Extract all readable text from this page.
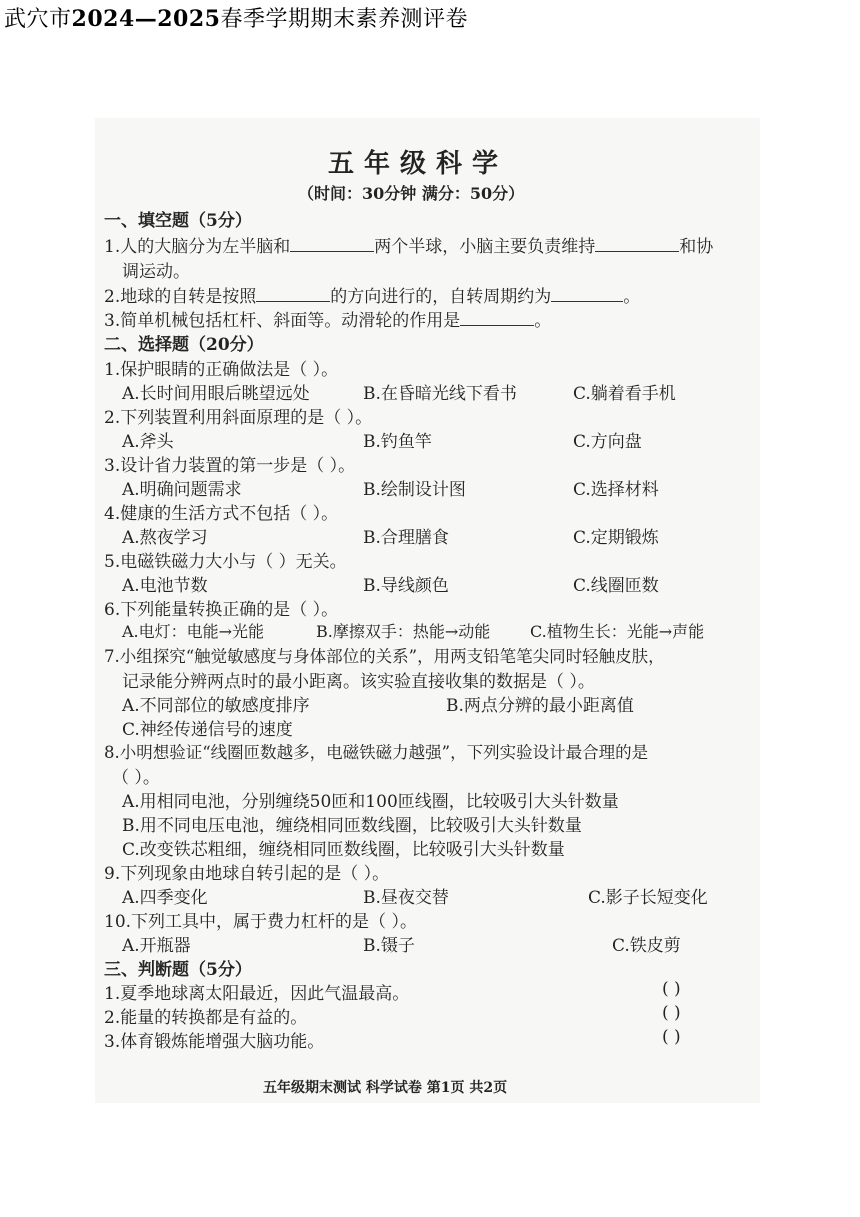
武穴市2024—2025春季学期期末素养测评卷
五年级科学
（时间：30分钟 满分：50分）
一、填空题（5分）
1.人的大脑分为左半脑和	两个半球，小脑主要负责维持	和协
调运动。
2.地球的自转是按照	的方向进行的，自转周期约为	。
3.简单机械包括杠杆、斜面等。动滑轮的作用是	。
二、选择题（20分）
1.保护眼睛的正确做法是（ ）。
A.长时间用眼后眺望远处	B.在昏暗光线下看书	C.躺着看手机
2.下列装置利用斜面原理的是（ ）。
A.斧头	B.钓鱼竿	C.方向盘
3.设计省力装置的第一步是（ ）。
A.明确问题需求	B.绘制设计图	C.选择材料
4.健康的生活方式不包括（ ）。
A.熬夜学习	B.合理膳食	C.定期锻炼
5.电磁铁磁力大小与（ ）无关。
A.电池节数	B.导线颜色	C.线圈匝数
6.下列能量转换正确的是（ ）。
A.电灯：电能→光能	B.摩擦双手：热能→动能 C.植物生长：光能→声能
7.小组探究“触觉敏感度与身体部位的关系”，用两支铅笔笔尖同时轻触皮肤，
记录能分辨两点时的最小距离。该实验直接收集的数据是（ ）。
A.不同部位的敏感度排序	B.两点分辨的最小距离值
C.神经传递信号的速度
8.小明想验证“线圈匝数越多，电磁铁磁力越强”，下列实验设计最合理的是
（ ）。
A.用相同电池，分别缠绕50匝和100匝线圈，比较吸引大头针数量
B.用不同电压电池，缠绕相同匝数线圈，比较吸引大头针数量
C.改变铁芯粗细，缠绕相同匝数线圈，比较吸引大头针数量
9.下列现象由地球自转引起的是（ ）。
A.四季变化	B.昼夜交替	C.影子长短变化
10.下列工具中，属于费力杠杆的是（ ）。
A.开瓶器	B.镊子	C.铁皮剪
三、判断题（5分）
1.夏季地球离太阳最近，因此气温最高。	( )
2.能量的转换都是有益的。	( )
3.体育锻炼能增强大脑功能。	( )
五年级期末测试 科学试卷 第1页 共2页
